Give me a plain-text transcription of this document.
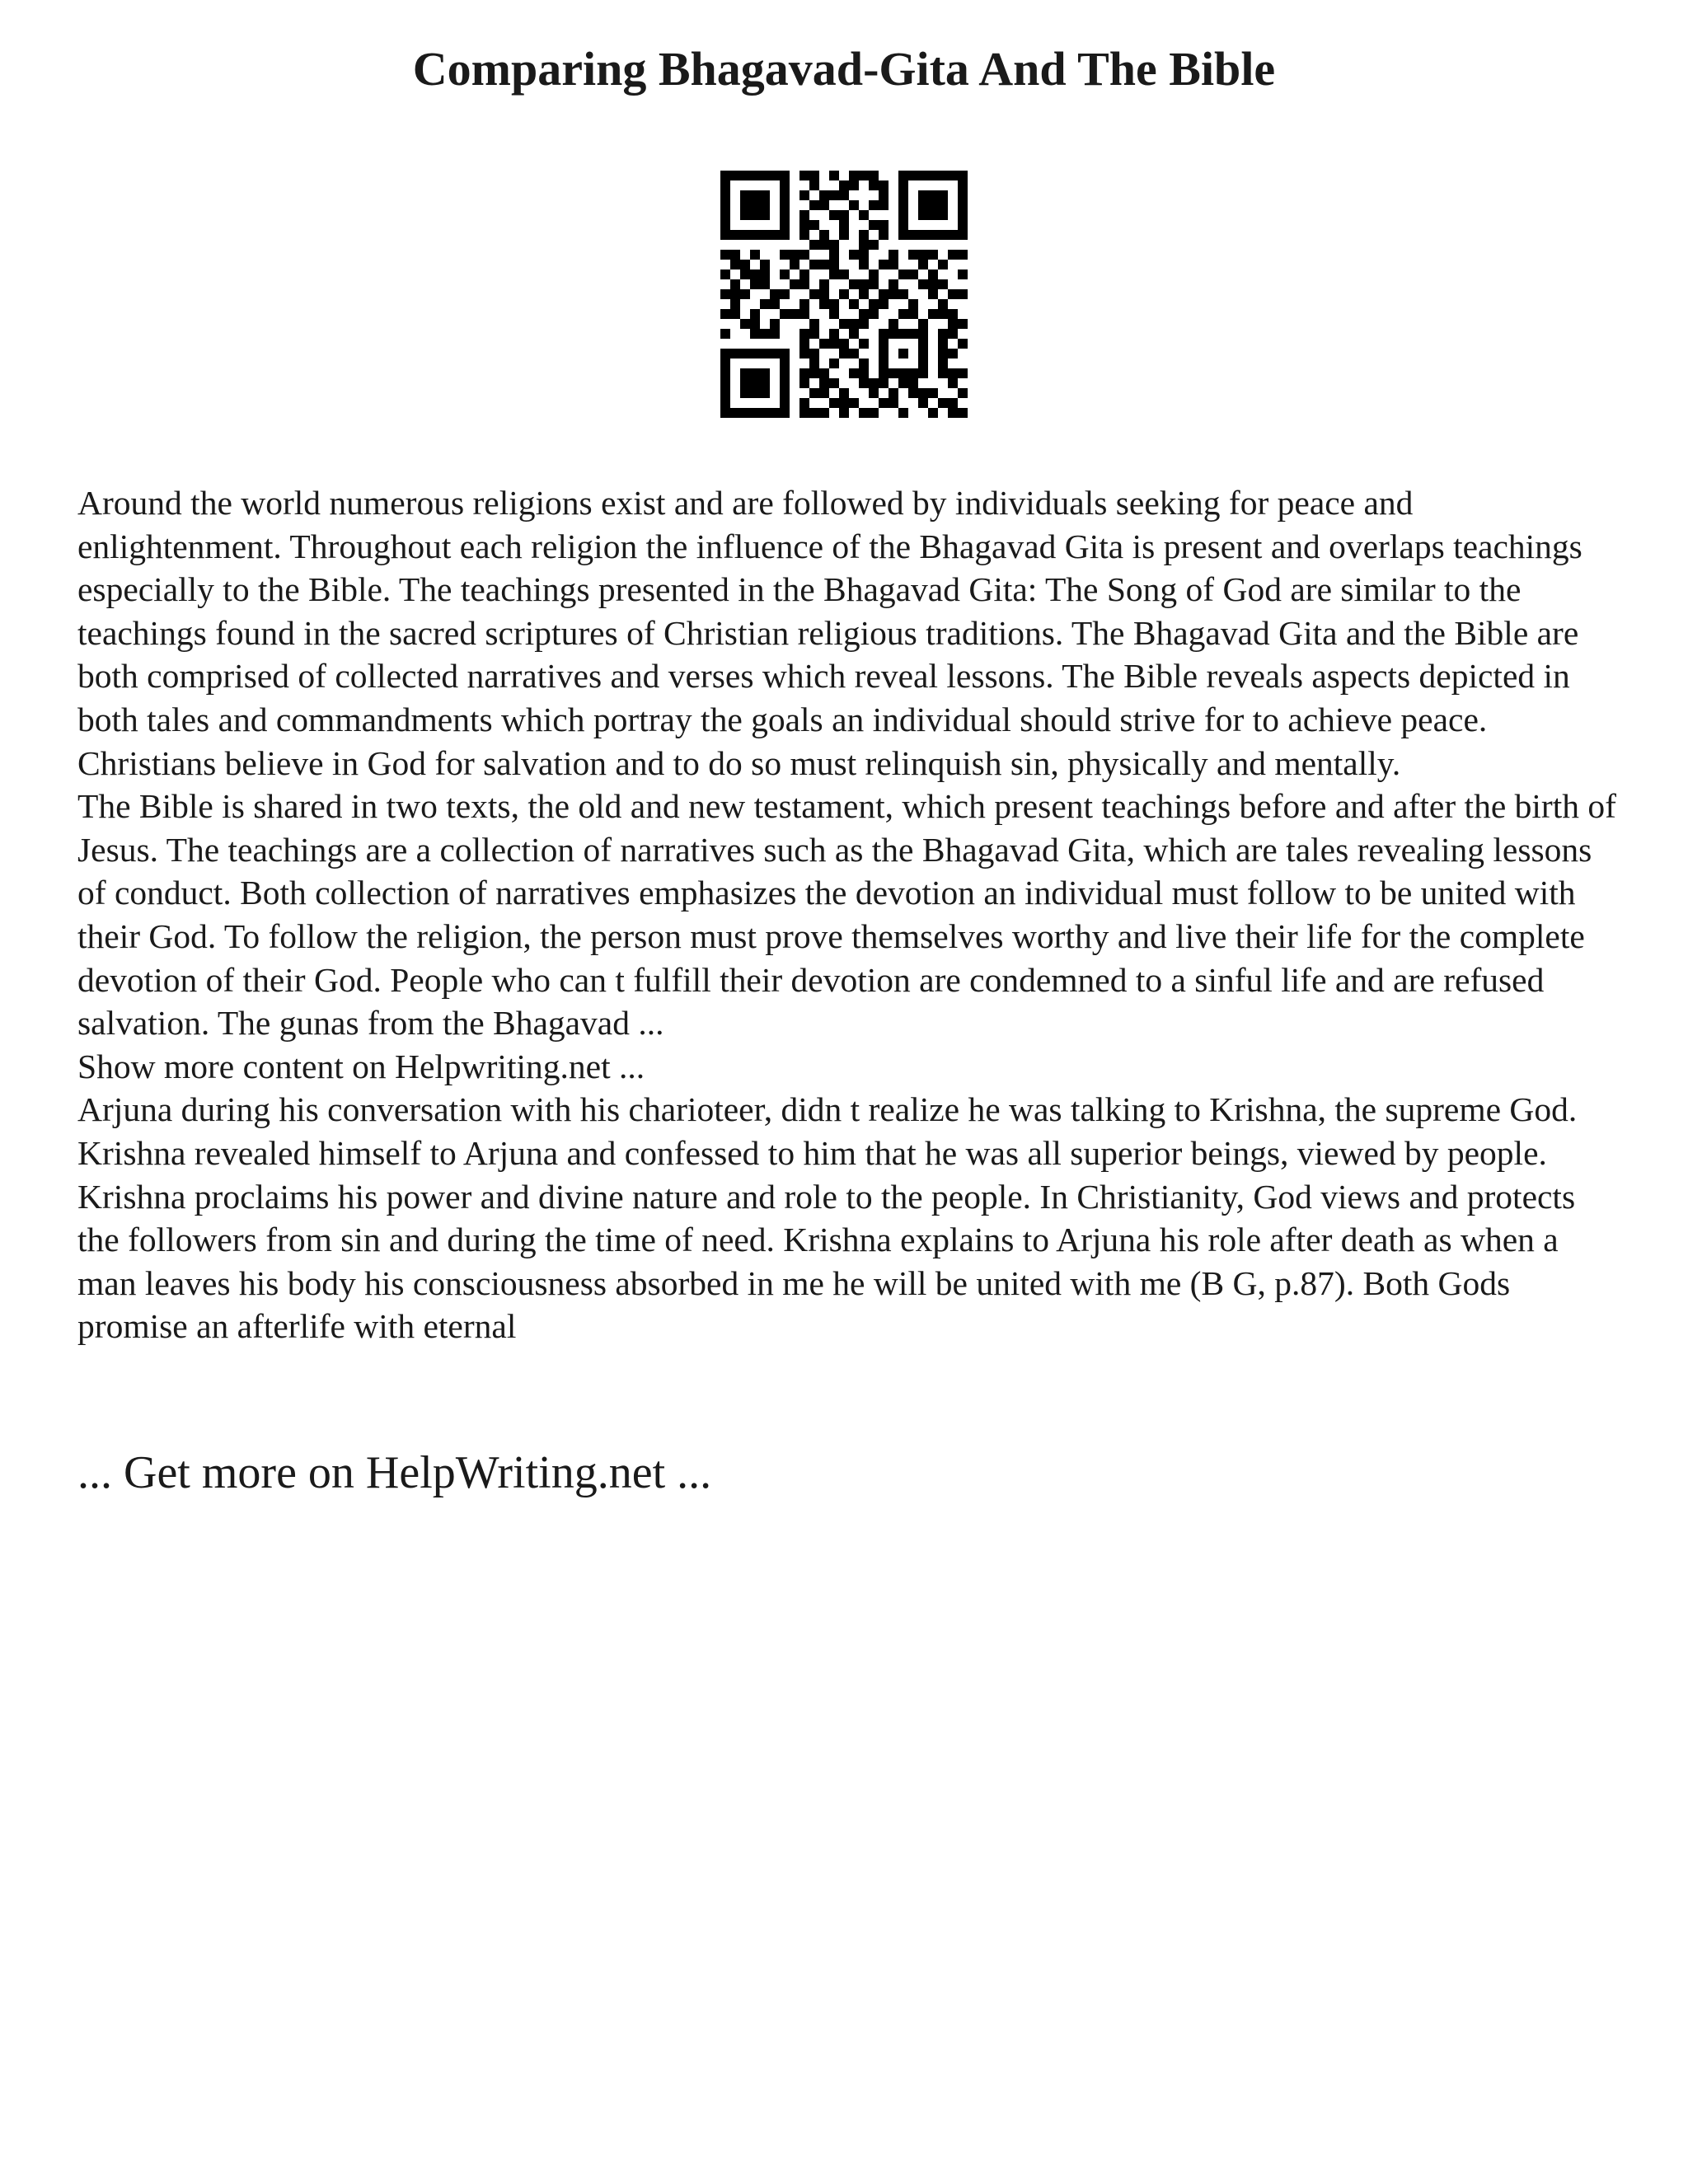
Comparing Bhagavad-Gita And The Bible

Around the world numerous religions exist and are followed by individuals seeking for peace and enlightenment. Throughout each religion the influence of the Bhagavad Gita is present and overlaps teachings especially to the Bible. The teachings presented in the Bhagavad Gita: The Song of God are similar to the teachings found in the sacred scriptures of Christian religious traditions. The Bhagavad Gita and the Bible are both comprised of collected narratives and verses which reveal lessons. The Bible reveals aspects depicted in both tales and commandments which portray the goals an individual should strive for to achieve peace. Christians believe in God for salvation and to do so must relinquish sin, physically and mentally.

The Bible is shared in two texts, the old and new testament, which present teachings before and after the birth of Jesus. The teachings are a collection of narratives such as the Bhagavad Gita, which are tales revealing lessons of conduct. Both collection of narratives emphasizes the devotion an individual must follow to be united with their God. To follow the religion, the person must prove themselves worthy and live their life for the complete devotion of their God. People who can t fulfill their devotion are condemned to a sinful life and are refused salvation. The gunas from the Bhagavad ...

Show more content on Helpwriting.net ...

Arjuna during his conversation with his charioteer, didn t realize he was talking to Krishna, the supreme God. Krishna revealed himself to Arjuna and confessed to him that he was all superior beings, viewed by people. Krishna proclaims his power and divine nature and role to the people. In Christianity, God views and protects the followers from sin and during the time of need. Krishna explains to Arjuna his role after death as when a man leaves his body his consciousness absorbed in me he will be united with me (B G, p.87). Both Gods promise an afterlife with eternal

... Get more on HelpWriting.net ...
